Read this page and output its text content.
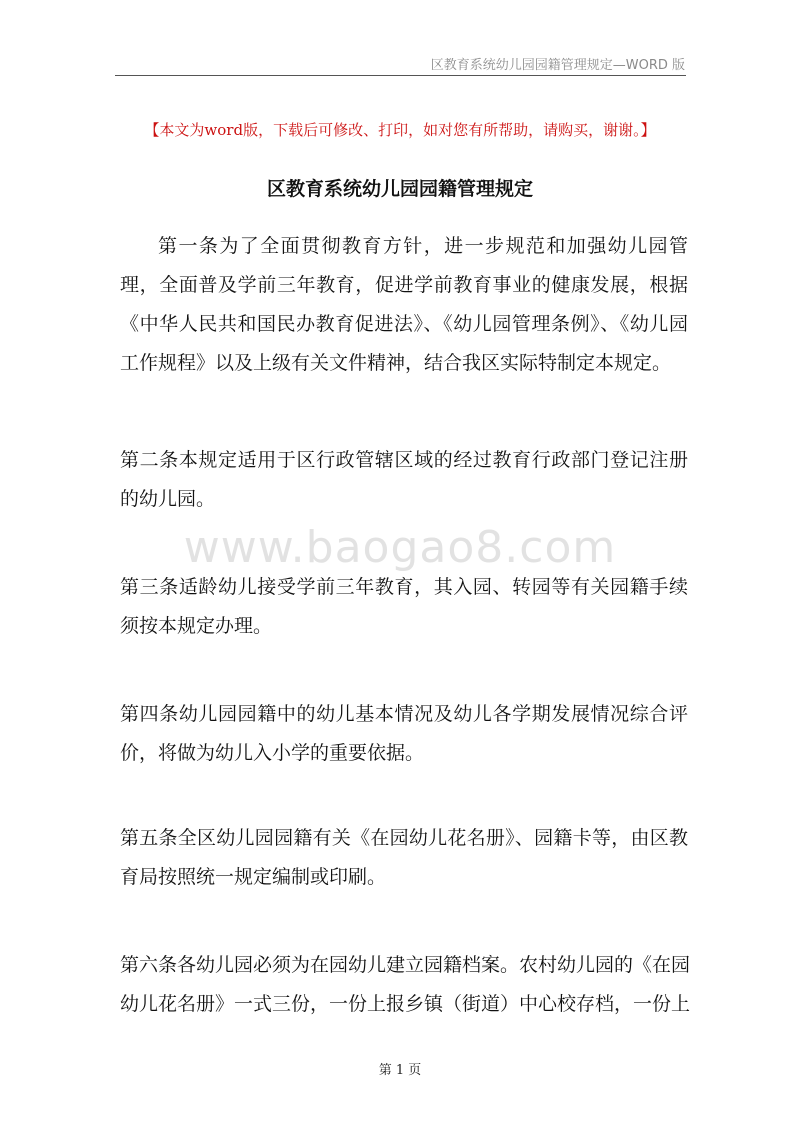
区教育系统幼儿园园籍管理规定—WORD 版
【本文为word版，下载后可修改、打印，如对您有所帮助，请购买，谢谢。】
区教育系统幼儿园园籍管理规定

第一条为了全面贯彻教育方针，进一步规范和加强幼儿园管理，全面普及学前三年教育，促进学前教育事业的健康发展，根据《中华人民共和国民办教育促进法》、《幼儿园管理条例》、《幼儿园工作规程》以及上级有关文件精神，结合我区实际特制定本规定。

第二条本规定适用于区行政管辖区域的经过教育行政部门登记注册的幼儿园。

第三条适龄幼儿接受学前三年教育，其入园、转园等有关园籍手续须按本规定办理。

第四条幼儿园园籍中的幼儿基本情况及幼儿各学期发展情况综合评价，将做为幼儿入小学的重要依据。

第五条全区幼儿园园籍有关《在园幼儿花名册》、园籍卡等，由区教育局按照统一规定编制或印刷。

第六条各幼儿园必须为在园幼儿建立园籍档案。农村幼儿园的《在园幼儿花名册》一式三份，一份上报乡镇（街道）中心校存档，一份上

www.baogao8.com
第 1 页
